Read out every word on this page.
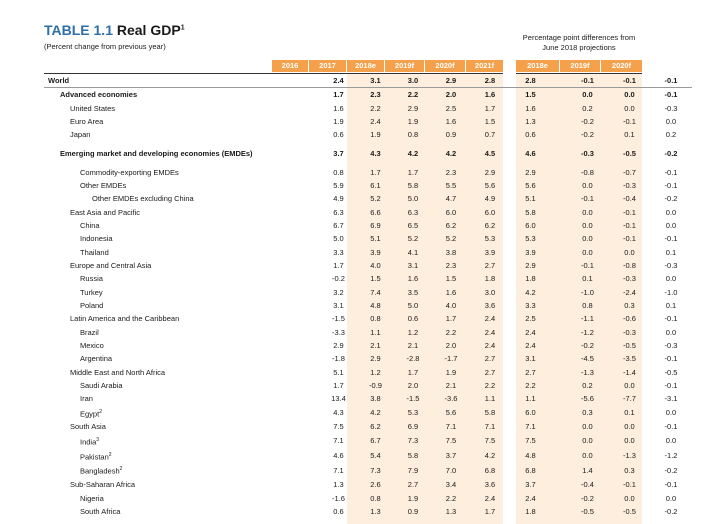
TABLE 1.1 Real GDP$^1$
(Percent change from previous year)
Percentage point differences from June 2018 projections
2016	2017	2018e	2019f	2020f	2021f	2018e	2019f	2020f
World	2.4	3.1	3.0	2.9	2.8	2.8		-0.1	-0.1	-0.1
Advanced economies	1.7	2.3	2.2	2.0	1.6	1.5		0.0	0.0	-0.1
United States	1.6	2.2	2.9	2.5	1.7	1.6		0.2	0.0	-0.3
Euro Area	1.9	2.4	1.9	1.6	1.5	1.3		-0.2	-0.1	0.0
Japan	0.6	1.9	0.8	0.9	0.7	0.6		-0.2	0.1	0.2
Emerging market and developing economies (EMDEs)	3.7	4.3	4.2	4.2	4.5	4.6		-0.3	-0.5	-0.2
Commodity-exporting EMDEs	0.8	1.7	1.7	2.3	2.9	2.9		-0.8	-0.7	-0.1
Other EMDEs	5.9	6.1	5.8	5.5	5.6	5.6		0.0	-0.3	-0.1
Other EMDEs excluding China	4.9	5.2	5.0	4.7	4.9	5.1		-0.1	-0.4	-0.2
East Asia and Pacific	6.3	6.6	6.3	6.0	6.0	5.8		0.0	-0.1	0.0
China	6.7	6.9	6.5	6.2	6.2	6.0		0.0	-0.1	0.0
Indonesia	5.0	5.1	5.2	5.2	5.3	5.3		0.0	-0.1	-0.1
Thailand	3.3	3.9	4.1	3.8	3.9	3.9		0.0	0.0	0.1
Europe and Central Asia	1.7	4.0	3.1	2.3	2.7	2.9		-0.1	-0.8	-0.3
Russia	-0.2	1.5	1.6	1.5	1.8	1.8		0.1	-0.3	0.0
Turkey	3.2	7.4	3.5	1.6	3.0	4.2		-1.0	-2.4	-1.0
Poland	3.1	4.8	5.0	4.0	3.6	3.3		0.8	0.3	0.1
Latin America and the Caribbean	-1.5	0.8	0.6	1.7	2.4	2.5		-1.1	-0.6	-0.1
Brazil	-3.3	1.1	1.2	2.2	2.4	2.4		-1.2	-0.3	0.0
Mexico	2.9	2.1	2.1	2.0	2.4	2.4		-0.2	-0.5	-0.3
Argentina	-1.8	2.9	-2.8	-1.7	2.7	3.1		-4.5	-3.5	-0.1
Middle East and North Africa	5.1	1.2	1.7	1.9	2.7	2.7		-1.3	-1.4	-0.5
Saudi Arabia	1.7	-0.9	2.0	2.1	2.2	2.2		0.2	0.0	-0.1
Iran	13.4	3.8	-1.5	-3.6	1.1	1.1		-5.6	-7.7	-3.1
Egypt$^2$	4.3	4.2	5.3	5.6	5.8	6.0		0.3	0.1	0.0
South Asia	7.5	6.2	6.9	7.1	7.1	7.1		0.0	0.0	-0.1
India$^3$	7.1	6.7	7.3	7.5	7.5	7.5		0.0	0.0	0.0
Pakistan$^2$	4.6	5.4	5.8	3.7	4.2	4.8		0.0	-1.3	-1.2
Bangladesh$^2$	7.1	7.3	7.9	7.0	6.8	6.8		1.4	0.3	-0.2
Sub-Saharan Africa	1.3	2.6	2.7	3.4	3.6	3.7		-0.4	-0.1	-0.1
Nigeria	-1.6	0.8	1.9	2.2	2.4	2.4		-0.2	0.0	0.0
South Africa	0.6	1.3	0.9	1.3	1.7	1.8		-0.5	-0.5	-0.2
